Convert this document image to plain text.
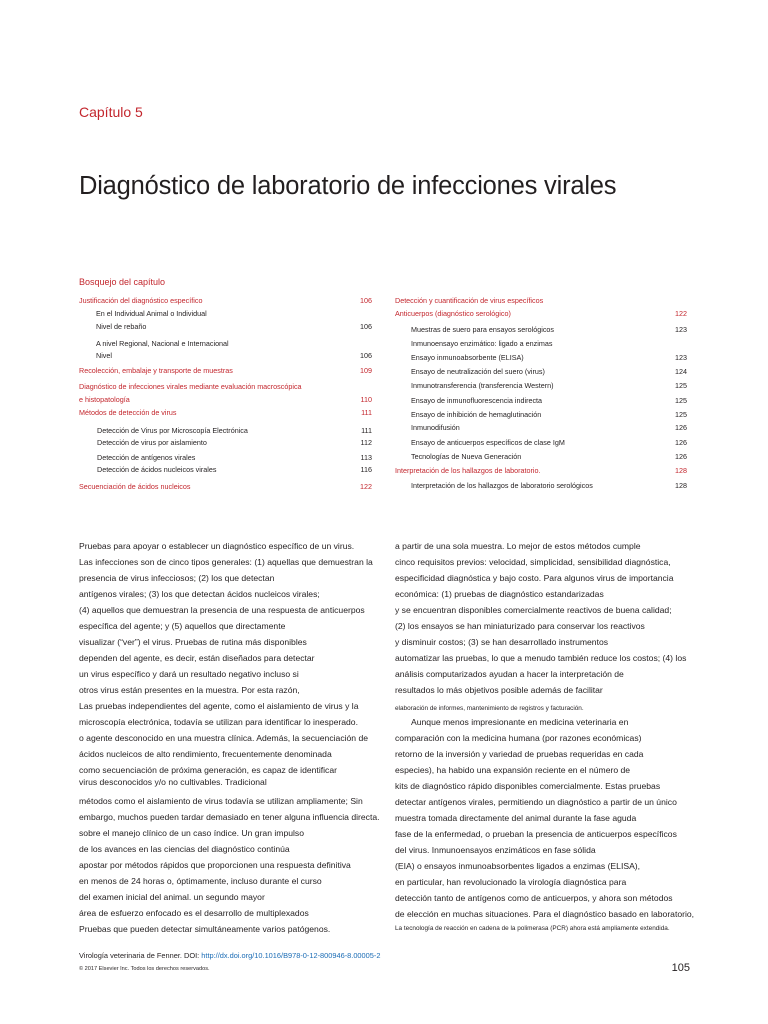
Capítulo 5
Diagnóstico de laboratorio de infecciones virales
Bosquejo del capítulo
Justificación del diagnóstico específico	106
En el Individual Animal o Individual
Nivel de rebaño	106
A nivel Regional, Nacional e Internacional
Nivel	106
Recolección, embalaje y transporte de muestras	109
Diagnóstico de infecciones virales mediante evaluación macroscópica
e histopatología	110
Métodos de detección de virus	111
Detección de Virus por Microscopía Electrónica	111
Detección de virus por aislamiento	112
Detección de antígenos virales	113
Detección de ácidos nucleicos virales	116
Secuenciación de ácidos nucleicos	122
Detección y cuantificación de virus específicos
Anticuerpos (diagnóstico serológico)	122
Muestras de suero para ensayos serológicos	123
Inmunoensayo enzimático: ligado a enzimas
Ensayo inmunoabsorbente (ELISA)	123
Ensayo de neutralización del suero (virus)	124
Inmunotransferencia (transferencia Western)	125
Ensayo de inmunofluorescencia indirecta	125
Ensayo de inhibición de hemaglutinación	125
Inmunodifusión	126
Ensayo de anticuerpos específicos de clase IgM	126
Tecnologías de Nueva Generación	126
Interpretación de los hallazgos de laboratorio.	128
Interpretación de los hallazgos de laboratorio serológicos	128
Pruebas para apoyar o establecer un diagnóstico específico de un virus.
Las infecciones son de cinco tipos generales: (1) aquellas que demuestran la
presencia de virus infecciosos; (2) los que detectan
antígenos virales; (3) los que detectan ácidos nucleicos virales;
(4) aquellos que demuestran la presencia de una respuesta de anticuerpos
específica del agente; y (5) aquellos que directamente
visualizar (“ver”) el virus. Pruebas de rutina más disponibles
dependen del agente, es decir, están diseñados para detectar
un virus específico y dará un resultado negativo incluso si
otros virus están presentes en la muestra. Por esta razón,
Las pruebas independientes del agente, como el aislamiento de virus y la
microscopía electrónica, todavía se utilizan para identificar lo inesperado.
o agente desconocido en una muestra clínica. Además, la secuenciación de
ácidos nucleicos de alto rendimiento, frecuentemente denominada
como secuenciación de próxima generación, es capaz de identificar
virus desconocidos y/o no cultivables. Tradicional
métodos como el aislamiento de virus todavía se utilizan ampliamente; Sin
embargo, muchos pueden tardar demasiado en tener alguna influencia directa.
sobre el manejo clínico de un caso índice. Un gran impulso
de los avances en las ciencias del diagnóstico continúa
apostar por métodos rápidos que proporcionen una respuesta definitiva
en menos de 24 horas o, óptimamente, incluso durante el curso
del examen inicial del animal. un segundo mayor
área de esfuerzo enfocado es el desarrollo de multiplexados
Pruebas que pueden detectar simultáneamente varios patógenos.
a partir de una sola muestra. Lo mejor de estos métodos cumple
cinco requisitos previos: velocidad, simplicidad, sensibilidad diagnóstica,
especificidad diagnóstica y bajo costo. Para algunos virus de importancia
económica: (1) pruebas de diagnóstico estandarizadas
y se encuentran disponibles comercialmente reactivos de buena calidad;
(2) los ensayos se han miniaturizado para conservar los reactivos
y disminuir costos; (3) se han desarrollado instrumentos
automatizar las pruebas, lo que a menudo también reduce los costos; (4) los
análisis computarizados ayudan a hacer la interpretación de
resultados lo más objetivos posible además de facilitar
elaboración de informes, mantenimiento de registros y facturación.
Aunque menos impresionante en medicina veterinaria en
comparación con la medicina humana (por razones económicas)
retorno de la inversión y variedad de pruebas requeridas en cada
especies), ha habido una expansión reciente en el número de
kits de diagnóstico rápido disponibles comercialmente. Estas pruebas
detectar antígenos virales, permitiendo un diagnóstico a partir de un único
muestra tomada directamente del animal durante la fase aguda
fase de la enfermedad, o prueban la presencia de anticuerpos específicos
del virus. Inmunoensayos enzimáticos en fase sólida
(EIA) o ensayos inmunoabsorbentes ligados a enzimas (ELISA),
en particular, han revolucionado la virología diagnóstica para
detección tanto de antígenos como de anticuerpos, y ahora son métodos
de elección en muchas situaciones. Para el diagnóstico basado en laboratorio,
La tecnología de reacción en cadena de la polimerasa (PCR) ahora está ampliamente extendida.
Virología veterinaria de Fenner. DOI: http://dx.doi.org/10.1016/B978-0-12-800946-8.00005-2
© 2017 Elsevier Inc. Todos los derechos reservados.	105
